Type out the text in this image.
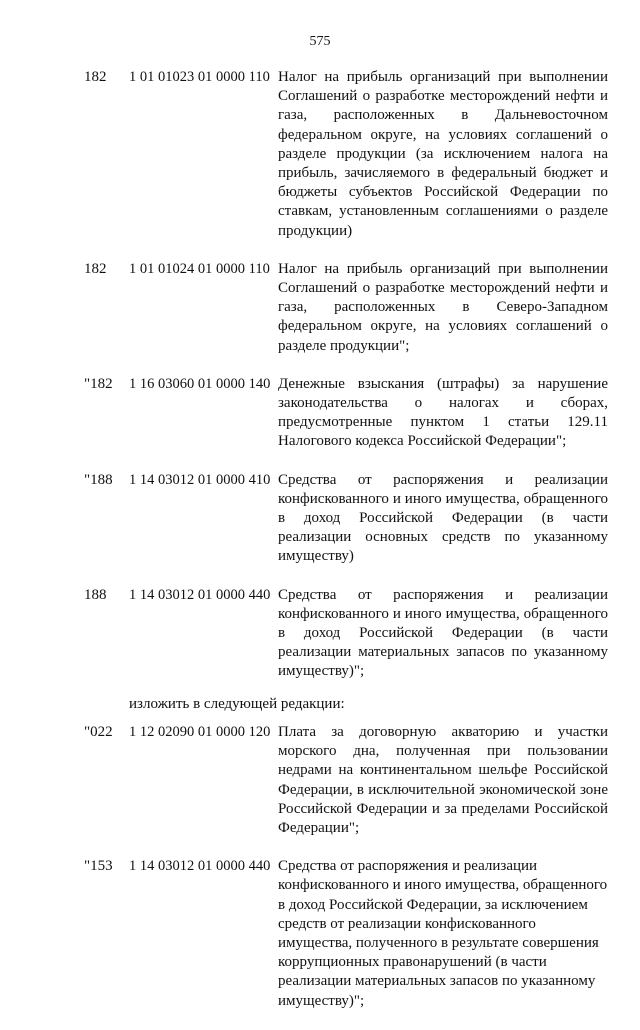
575
182 1 01 01023 01 0000 110 Налог на прибыль организаций при выполнении Соглашений о разработке месторождений нефти и газа, расположенных в Дальневосточном федеральном округе, на условиях соглашений о разделе продукции (за исключением налога на прибыль, зачисляемого в федеральный бюджет и бюджеты субъектов Российской Федерации по ставкам, установленным соглашениями о разделе продукции)
182 1 01 01024 01 0000 110 Налог на прибыль организаций при выполнении Соглашений о разработке месторождений нефти и газа, расположенных в Северо-Западном федеральном округе, на условиях соглашений о разделе продукции";
"182 1 16 03060 01 0000 140 Денежные взыскания (штрафы) за нарушение законодательства о налогах и сборах, предусмотренные пунктом 1 статьи 129.11 Налогового кодекса Российской Федерации";
"188 1 14 03012 01 0000 410 Средства от распоряжения и реализации конфискованного и иного имущества, обращенного в доход Российской Федерации (в части реализации основных средств по указанному имуществу)
188 1 14 03012 01 0000 440 Средства от распоряжения и реализации конфискованного и иного имущества, обращенного в доход Российской Федерации (в части реализации материальных запасов по указанному имуществу)";
изложить в следующей редакции:
"022 1 12 02090 01 0000 120 Плата за договорную акваторию и участки морского дна, полученная при пользовании недрами на континентальном шельфе Российской Федерации, в исключительной экономической зоне Российской Федерации и за пределами Российской Федерации";
"153 1 14 03012 01 0000 440 Средства от распоряжения и реализации конфискованного и иного имущества, обращенного в доход Российской Федерации, за исключением средств от реализации конфискованного имущества, полученного в результате совершения коррупционных правонарушений (в части реализации материальных запасов по указанному имуществу)";
